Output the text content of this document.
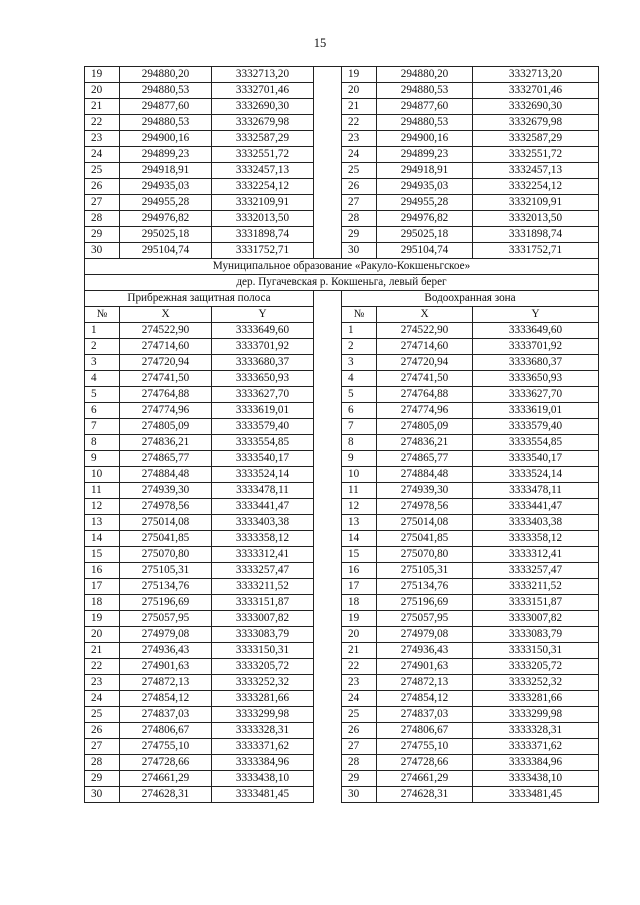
15
19	294880,20	3332713,20		19	294880,20	3332713,20
20	294880,53	3332701,46		20	294880,53	3332701,46
21	294877,60	3332690,30		21	294877,60	3332690,30
22	294880,53	3332679,98		22	294880,53	3332679,98
23	294900,16	3332587,29		23	294900,16	3332587,29
24	294899,23	3332551,72		24	294899,23	3332551,72
25	294918,91	3332457,13		25	294918,91	3332457,13
26	294935,03	3332254,12		26	294935,03	3332254,12
27	294955,28	3332109,91		27	294955,28	3332109,91
28	294976,82	3332013,50		28	294976,82	3332013,50
29	295025,18	3331898,74		29	295025,18	3331898,74
30	295104,74	3331752,71		30	295104,74	3331752,71
Муниципальное образование «Ракуло-Кокшеньгское»						
дер. Пугачевская р. Кокшеньга, левый берег						
Прибрежная защитная полоса				Водоохранная зона		
№	X	Y		№	X	Y
1	274522,90	3333649,60		1	274522,90	3333649,60
2	274714,60	3333701,92		2	274714,60	3333701,92
3	274720,94	3333680,37		3	274720,94	3333680,37
4	274741,50	3333650,93		4	274741,50	3333650,93
5	274764,88	3333627,70		5	274764,88	3333627,70
6	274774,96	3333619,01		6	274774,96	3333619,01
7	274805,09	3333579,40		7	274805,09	3333579,40
8	274836,21	3333554,85		8	274836,21	3333554,85
9	274865,77	3333540,17		9	274865,77	3333540,17
10	274884,48	3333524,14		10	274884,48	3333524,14
11	274939,30	3333478,11		11	274939,30	3333478,11
12	274978,56	3333441,47		12	274978,56	3333441,47
13	275014,08	3333403,38		13	275014,08	3333403,38
14	275041,85	3333358,12		14	275041,85	3333358,12
15	275070,80	3333312,41		15	275070,80	3333312,41
16	275105,31	3333257,47		16	275105,31	3333257,47
17	275134,76	3333211,52		17	275134,76	3333211,52
18	275196,69	3333151,87		18	275196,69	3333151,87
19	275057,95	3333007,82		19	275057,95	3333007,82
20	274979,08	3333083,79		20	274979,08	3333083,79
21	274936,43	3333150,31		21	274936,43	3333150,31
22	274901,63	3333205,72		22	274901,63	3333205,72
23	274872,13	3333252,32		23	274872,13	3333252,32
24	274854,12	3333281,66		24	274854,12	3333281,66
25	274837,03	3333299,98		25	274837,03	3333299,98
26	274806,67	3333328,31		26	274806,67	3333328,31
27	274755,10	3333371,62		27	274755,10	3333371,62
28	274728,66	3333384,96		28	274728,66	3333384,96
29	274661,29	3333438,10		29	274661,29	3333438,10
30	274628,31	3333481,45		30	274628,31	3333481,45
